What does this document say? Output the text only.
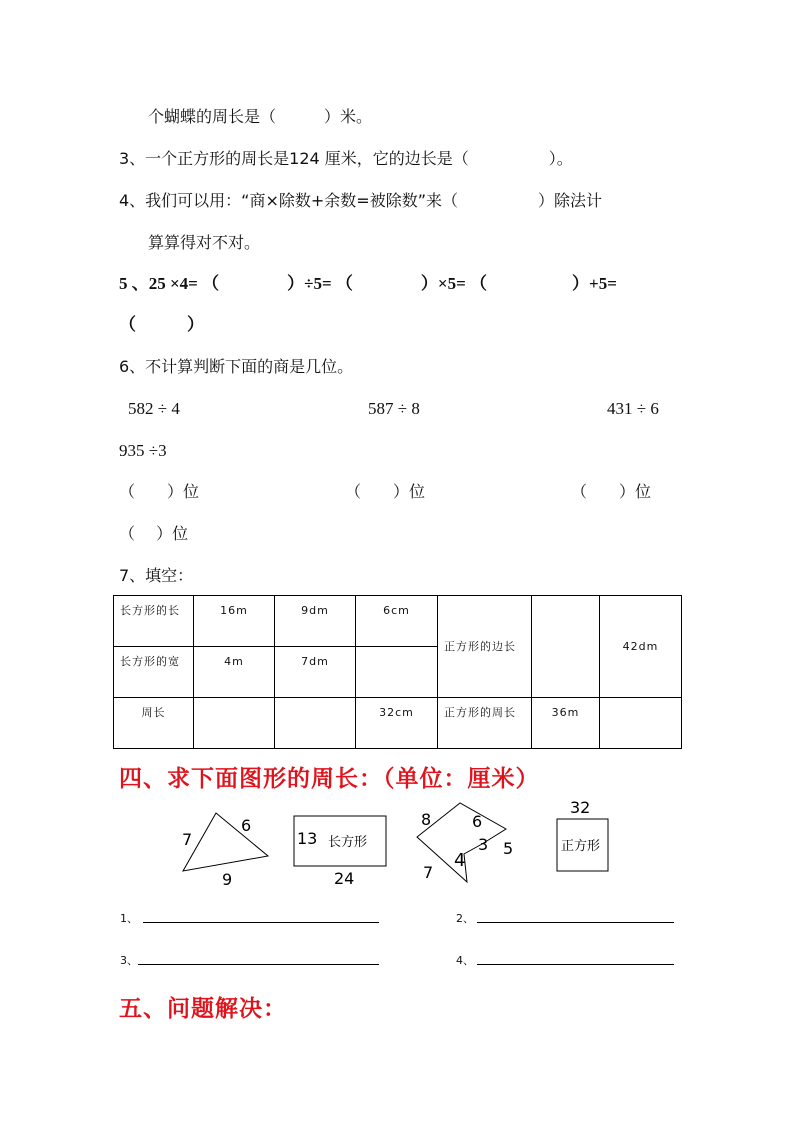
个蝴蝶的周长是（　　　）米。
3、一个正方形的周长是124 厘米，它的边长是（　　　　　）。
4、我们可以用：“商×除数+余数=被除数”来（　　　　　）除法计
算算得对不对。
5 、25 ×4= （　　　　）÷5= （　　　　）×5= （　　　　　）+5=
（　　　）
6、不计算判断下面的商是几位。
582 ÷ 4	587 ÷ 8	431 ÷ 6
935 ÷3
（　　）位	（　　）位	（　　）位
（　 ）位
7、填空：
长方形的长	16m	9dm	6cm	正方形的边长		42dm
长方形的宽	4m	7dm				
周长			32cm	正方形的周长	36m	
四、求下面图形的周长：（单位：厘米）
7
6
9
13 长方形
24
8	6
3 5
4
7
32
正方形
1、	2、
3、	4、
五、问题解决：
